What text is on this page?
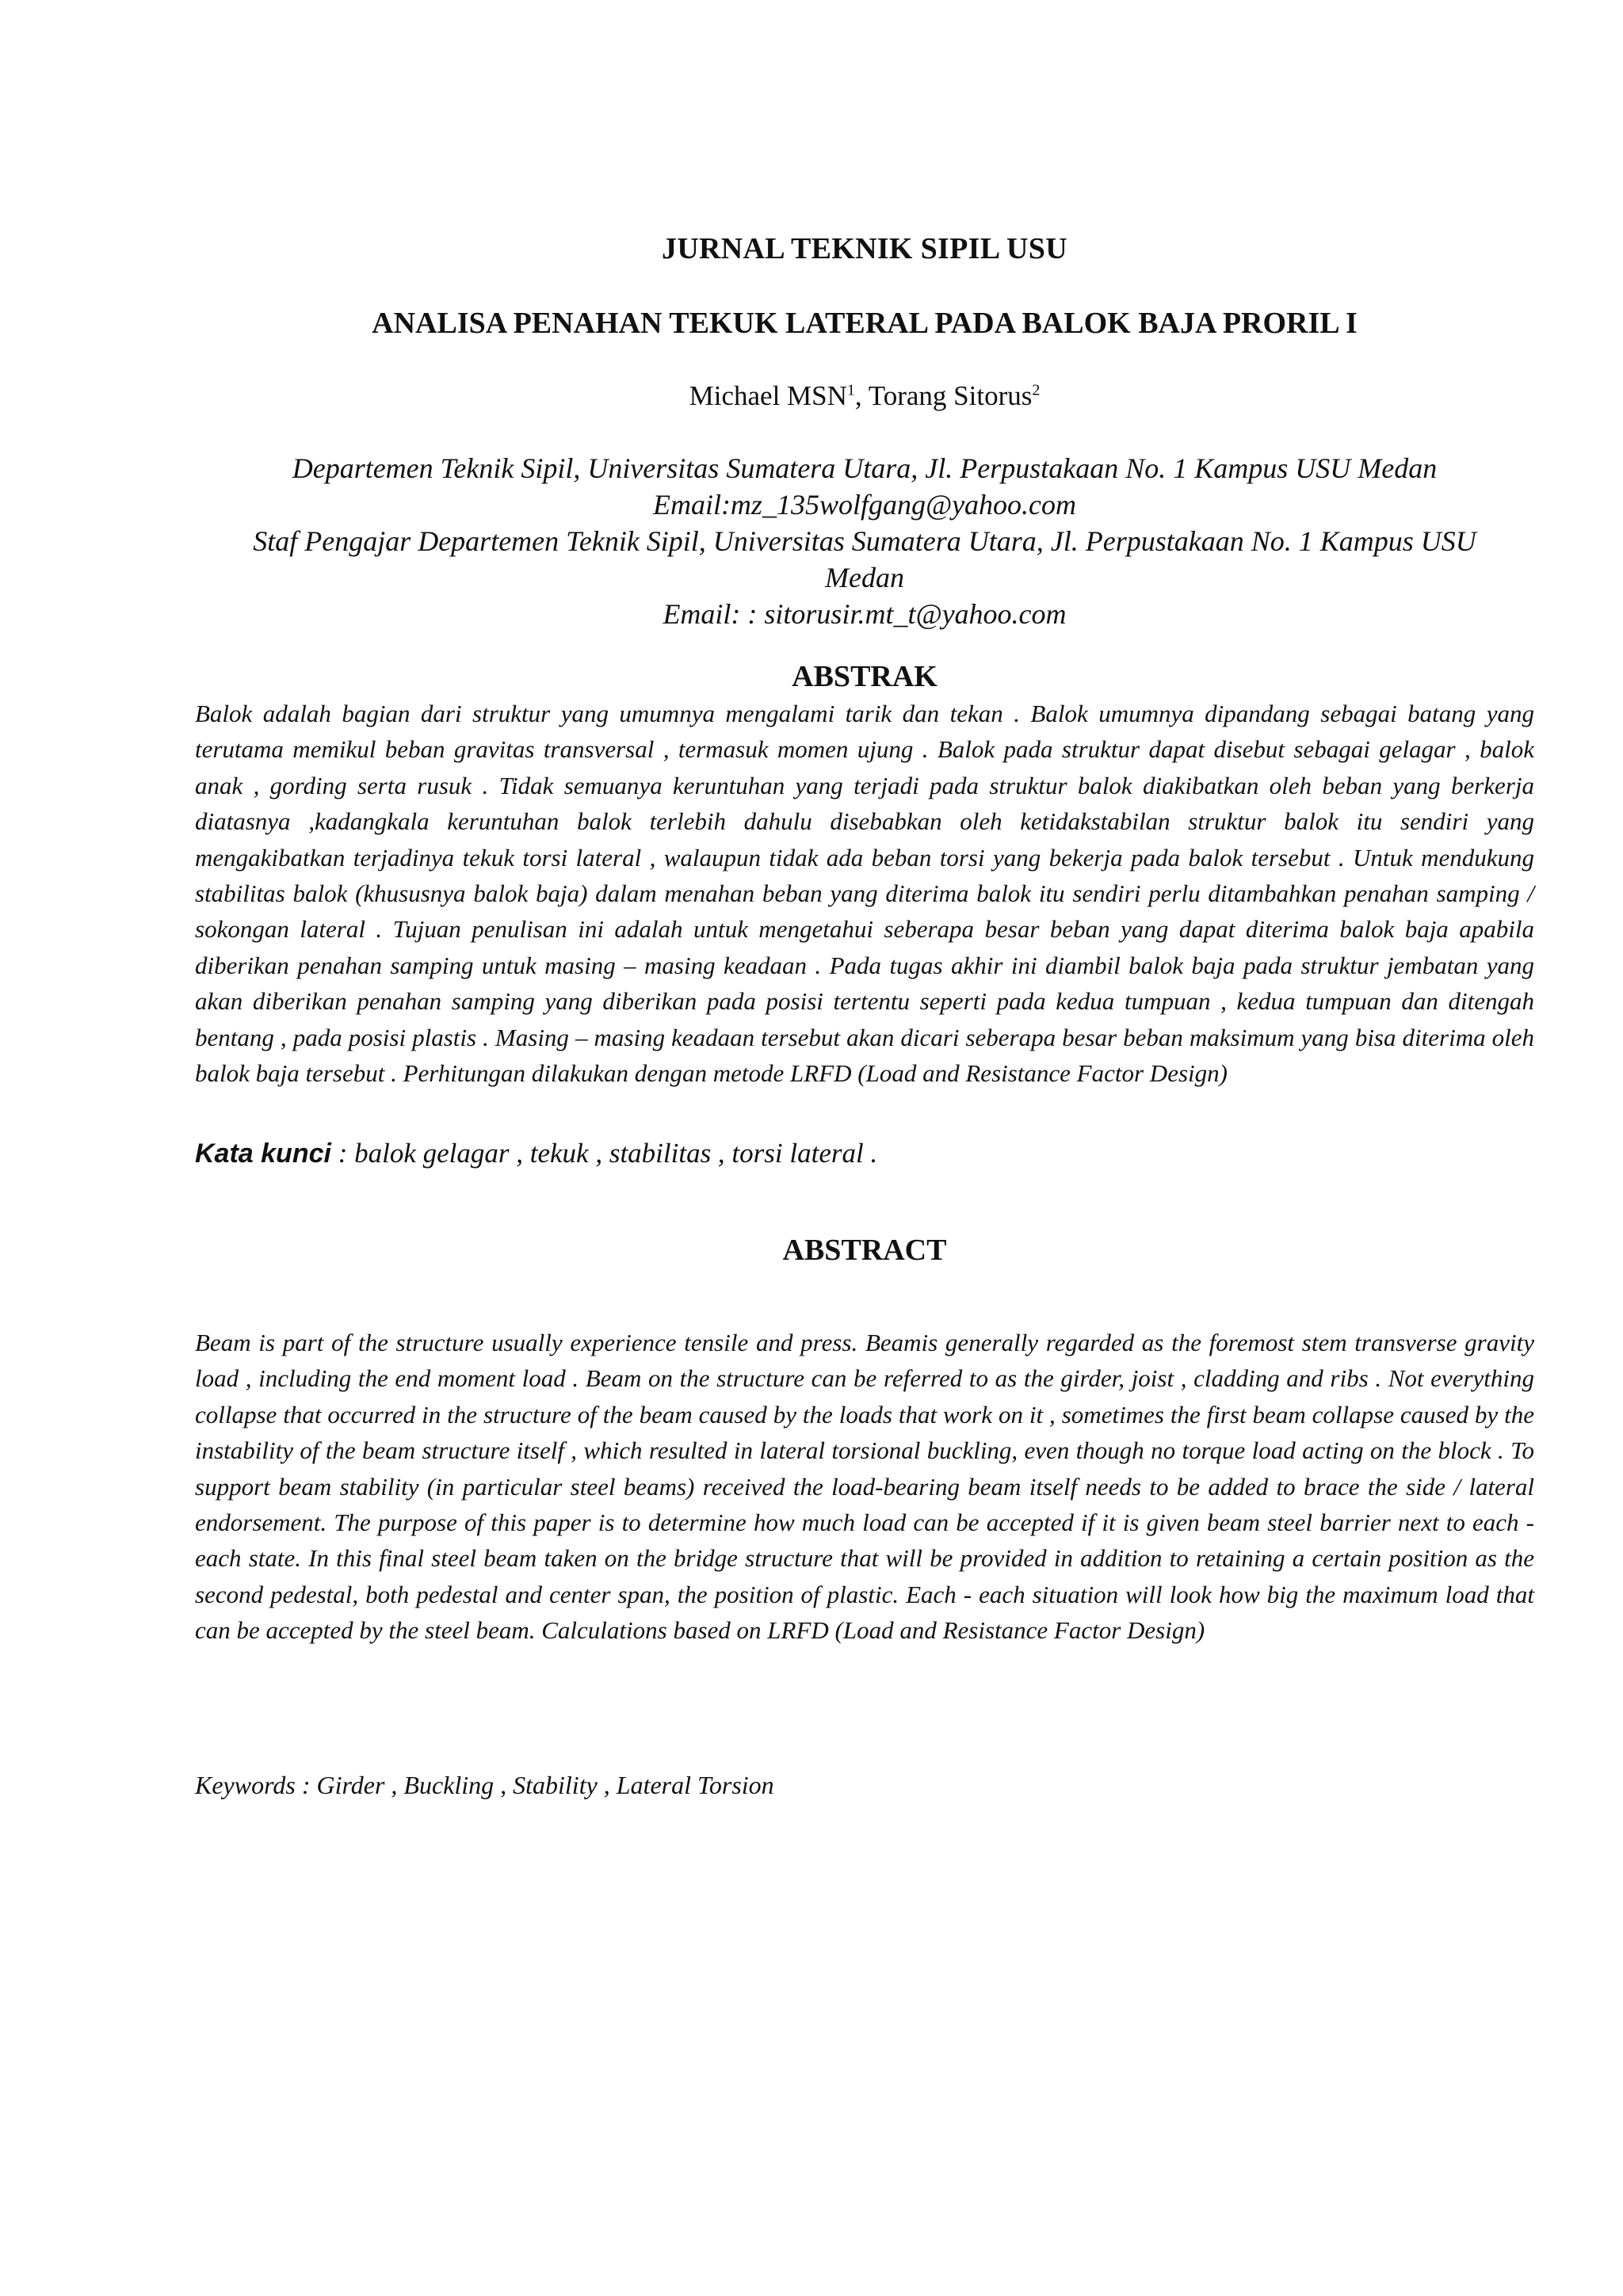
JURNAL TEKNIK SIPIL USU
ANALISA PENAHAN TEKUK LATERAL PADA BALOK BAJA PRORIL I
Michael MSN$^1$, Torang Sitorus$^2$
Departemen Teknik Sipil, Universitas Sumatera Utara, Jl. Perpustakaan No. 1 Kampus USU Medan
Email:mz_135wolfgang@yahoo.com
Staf Pengajar Departemen Teknik Sipil, Universitas Sumatera Utara, Jl. Perpustakaan No. 1 Kampus USU
Medan
Email: : sitorusir.mt_t@yahoo.com
ABSTRAK
Balok adalah bagian dari struktur yang umumnya mengalami tarik dan tekan . Balok umumnya dipandang sebagai batang yang terutama memikul beban gravitas transversal , termasuk momen ujung . Balok pada struktur dapat disebut sebagai gelagar , balok anak , gording serta rusuk . Tidak semuanya keruntuhan yang terjadi pada struktur balok diakibatkan oleh beban yang berkerja diatasnya ,kadangkala keruntuhan balok terlebih dahulu disebabkan oleh ketidakstabilan struktur balok itu sendiri yang mengakibatkan terjadinya tekuk torsi lateral , walaupun tidak ada beban torsi yang bekerja pada balok tersebut . Untuk mendukung stabilitas balok (khususnya balok baja) dalam menahan beban yang diterima balok itu sendiri perlu ditambahkan penahan samping / sokongan lateral . Tujuan penulisan ini adalah untuk mengetahui seberapa besar beban yang dapat diterima balok baja apabila diberikan penahan samping untuk masing – masing keadaan . Pada tugas akhir ini diambil balok baja pada struktur jembatan yang akan diberikan penahan samping yang diberikan pada posisi tertentu seperti pada kedua tumpuan , kedua tumpuan dan ditengah bentang , pada posisi plastis . Masing – masing keadaan tersebut akan dicari seberapa besar beban maksimum yang bisa diterima oleh balok baja tersebut . Perhitungan dilakukan dengan metode LRFD (Load and Resistance Factor Design)
Kata kunci : balok gelagar , tekuk , stabilitas , torsi lateral .
ABSTRACT
Beam is part of the structure usually experience tensile and press. Beamis generally regarded as the foremost stem transverse gravity load , including the end moment load . Beam on the structure can be referred to as the girder, joist , cladding and ribs . Not everything collapse that occurred in the structure of the beam caused by the loads that work on it , sometimes the first beam collapse caused by the instability of the beam structure itself , which resulted in lateral torsional buckling, even though no torque load acting on the block . To support beam stability (in particular steel beams) received the load-bearing beam itself needs to be added to brace the side / lateral endorsement. The purpose of this paper is to determine how much load can be accepted if it is given beam steel barrier next to each - each state. In this final steel beam taken on the bridge structure that will be provided in addition to retaining a certain position as the second pedestal, both pedestal and center span, the position of plastic. Each - each situation will look how big the maximum load that can be accepted by the steel beam. Calculations based on LRFD (Load and Resistance Factor Design)
Keywords : Girder , Buckling , Stability , Lateral Torsion
